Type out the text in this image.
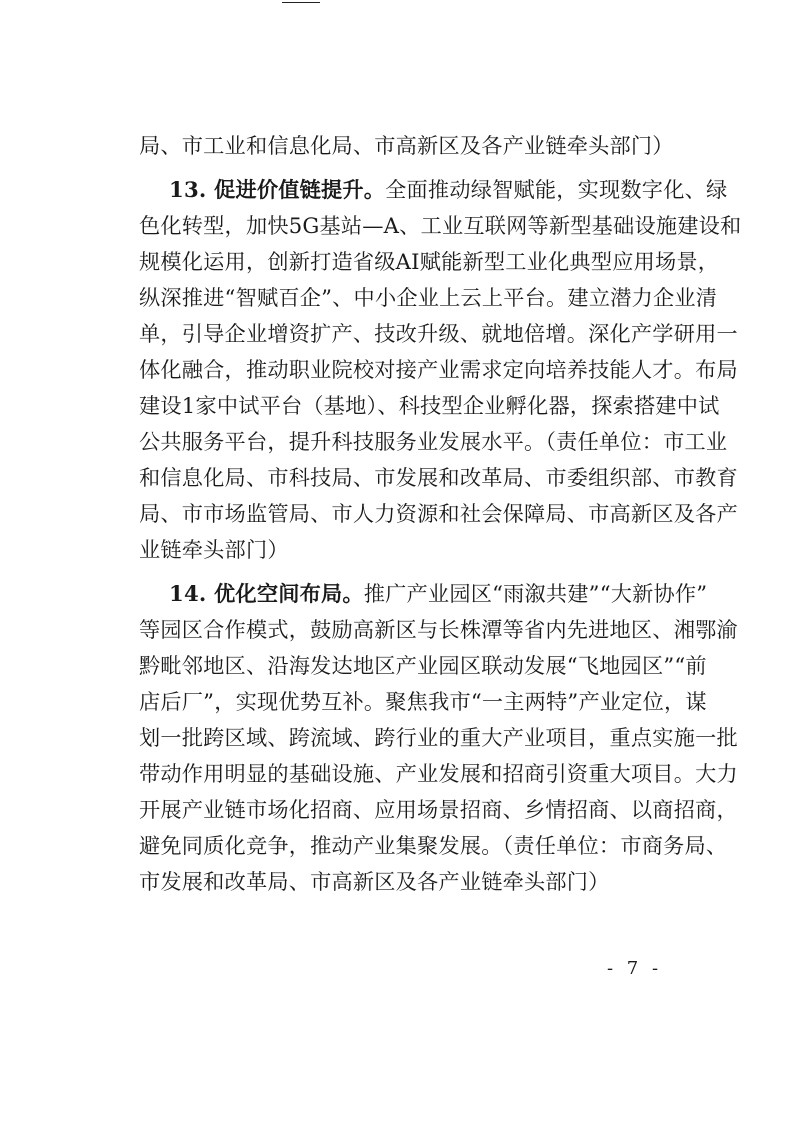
局、市工业和信息化局、市高新区及各产业链牵头部门）
13. 促进价值链提升。全面推动绿智赋能，实现数字化、绿
色化转型，加快5G基站—A、工业互联网等新型基础设施建设和
规模化运用，创新打造省级AI赋能新型工业化典型应用场景，
纵深推进“智赋百企”、中小企业上云上平台。建立潜力企业清
单，引导企业增资扩产、技改升级、就地倍增。深化产学研用一
体化融合，推动职业院校对接产业需求定向培养技能人才。布局
建设1家中试平台（基地）、科技型企业孵化器，探索搭建中试
公共服务平台，提升科技服务业发展水平。（责任单位：市工业
和信息化局、市科技局、市发展和改革局、市委组织部、市教育
局、市市场监管局、市人力资源和社会保障局、市高新区及各产
业链牵头部门）
14. 优化空间布局。推广产业园区“雨溆共建”“大新协作”
等园区合作模式，鼓励高新区与长株潭等省内先进地区、湘鄂渝
黔毗邻地区、沿海发达地区产业园区联动发展“飞地园区”“前
店后厂”，实现优势互补。聚焦我市“一主两特”产业定位，谋
划一批跨区域、跨流域、跨行业的重大产业项目，重点实施一批
带动作用明显的基础设施、产业发展和招商引资重大项目。大力
开展产业链市场化招商、应用场景招商、乡情招商、以商招商，
避免同质化竞争，推动产业集聚发展。（责任单位：市商务局、
市发展和改革局、市高新区及各产业链牵头部门）
- 7 -
